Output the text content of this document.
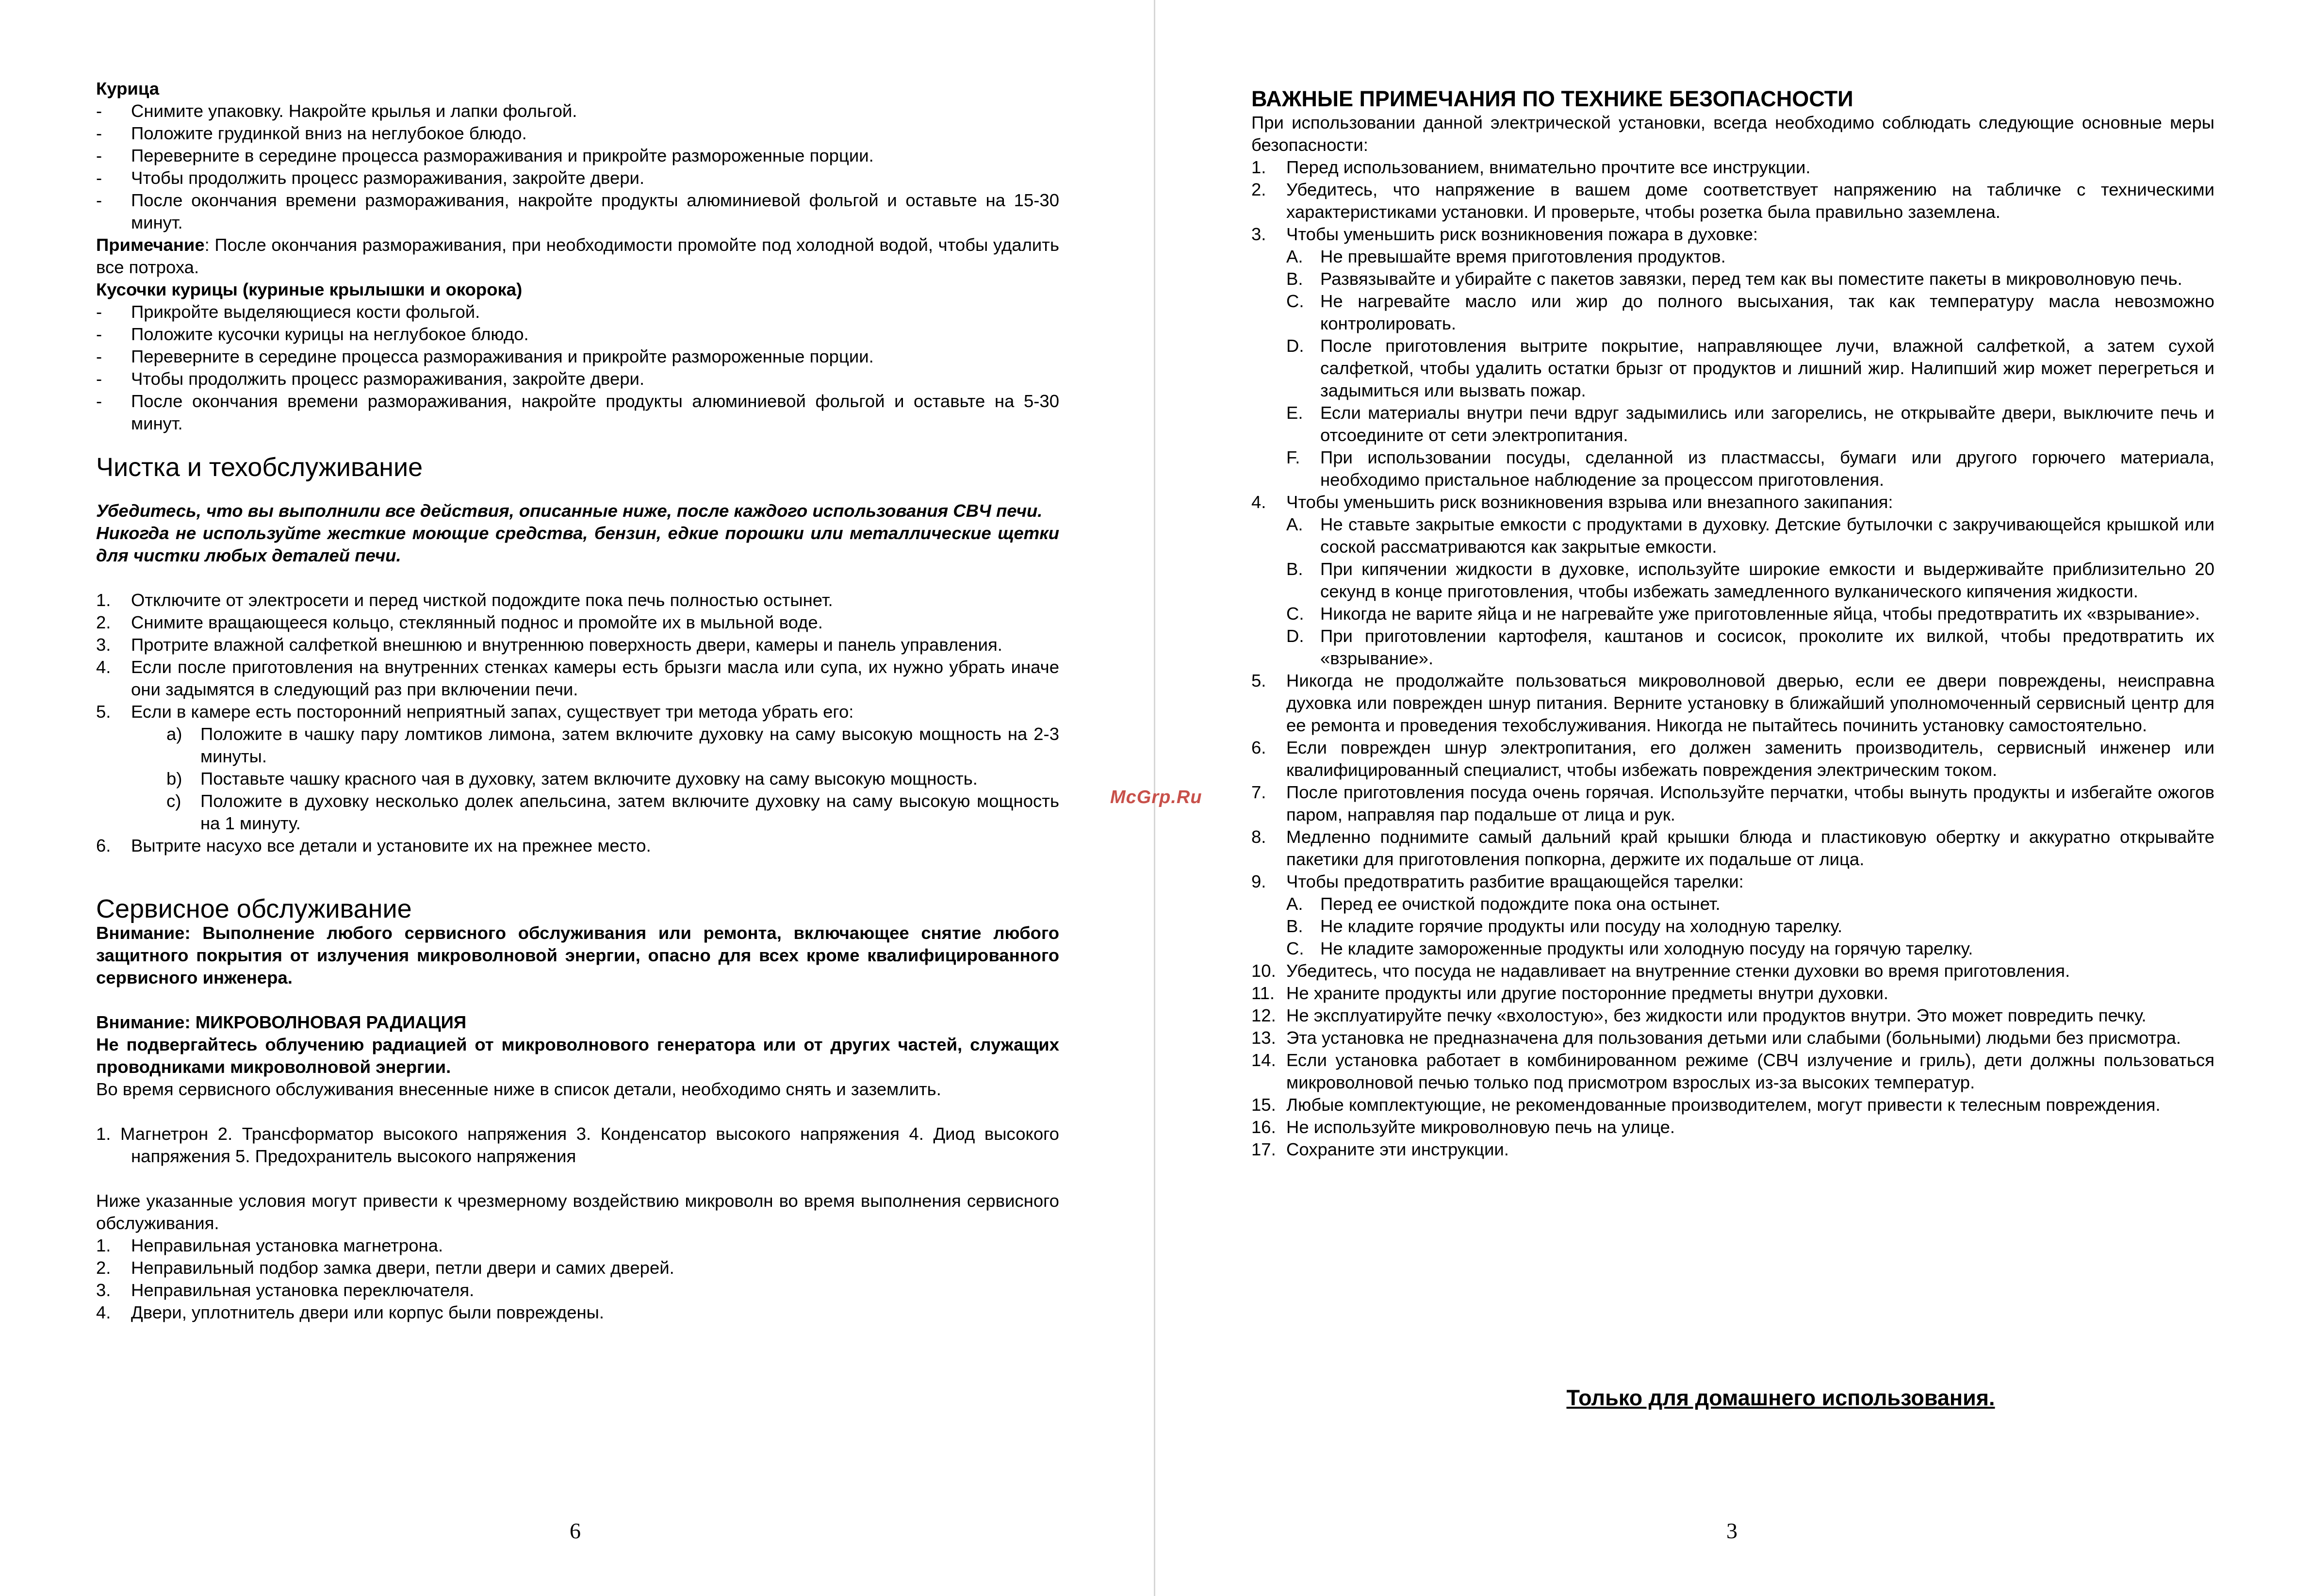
Курица
- Снимите упаковку. Накройте крылья и лапки фольгой.
- Положите грудинкой вниз на неглубокое блюдо.
- Переверните в середине процесса размораживания и прикройте размороженные порции.
- Чтобы продолжить процесс размораживания, закройте двери.
- После окончания времени размораживания, накройте продукты алюминиевой фольгой и оставьте на 15-30 минут.
Примечание: После окончания размораживания, при необходимости промойте под холодной водой, чтобы удалить все потроха.
Кусочки курицы (куриные крылышки и окорока)
- Прикройте выделяющиеся кости фольгой.
- Положите кусочки курицы на неглубокое блюдо.
- Переверните в середине процесса размораживания и прикройте размороженные порции.
- Чтобы продолжить процесс размораживания, закройте двери.
- После окончания времени размораживания, накройте продукты алюминиевой фольгой и оставьте на 5-30 минут.
Чистка и техобслуживание
Убедитесь, что вы выполнили все действия, описанные ниже, после каждого использования СВЧ печи.
Никогда не используйте жесткие моющие средства, бензин, едкие порошки или металлические щетки для чистки любых деталей печи.
1. Отключите от электросети и перед чисткой подождите пока печь полностью остынет.
2. Снимите вращающееся кольцо, стеклянный поднос и промойте их в мыльной воде.
3. Протрите влажной салфеткой внешнюю и внутреннюю поверхность двери, камеры и панель управления.
4. Если после приготовления на внутренних стенках камеры есть брызги масла или супа, их нужно убрать иначе они задымятся в следующий раз при включении печи.
5. Если в камере есть посторонний неприятный запах, существует три метода убрать его:
a) Положите в чашку пару ломтиков лимона, затем включите духовку на саму высокую мощность на 2-3 минуты.
b) Поставьте чашку красного чая в духовку, затем включите духовку на саму высокую мощность.
c) Положите в духовку несколько долек апельсина, затем включите духовку на саму высокую мощность на 1 минуту.
6. Вытрите насухо все детали и установите их на прежнее место.
Сервисное обслуживание
Внимание: Выполнение любого сервисного обслуживания или ремонта, включающее снятие любого защитного покрытия от излучения микроволновой энергии, опасно для всех кроме квалифицированного сервисного инженера.
Внимание: МИКРОВОЛНОВАЯ РАДИАЦИЯ
Не подвергайтесь облучению радиацией от микроволнового генератора или от других частей, служащих проводниками микроволновой энергии.
Во время сервисного обслуживания внесенные ниже в список детали, необходимо снять и заземлить.
1. Магнетрон 2. Трансформатор высокого напряжения 3. Конденсатор высокого напряжения 4. Диод высокого напряжения 5. Предохранитель высокого напряжения
Ниже указанные условия могут привести к чрезмерному воздействию микроволн во время выполнения сервисного обслуживания.
1. Неправильная установка магнетрона.
2. Неправильный подбор замка двери, петли двери и самих дверей.
3. Неправильная установка переключателя.
4. Двери, уплотнитель двери или корпус были повреждены.
6
McGrp.Ru
ВАЖНЫЕ ПРИМЕЧАНИЯ ПО ТЕХНИКЕ БЕЗОПАСНОСТИ
При использовании данной электрической установки, всегда необходимо соблюдать следующие основные меры безопасности:
1. Перед использованием, внимательно прочтите все инструкции.
2. Убедитесь, что напряжение в вашем доме соответствует напряжению на табличке с техническими характеристиками установки. И проверьте, чтобы розетка была правильно заземлена.
3. Чтобы уменьшить риск возникновения пожара в духовке:
A. Не превышайте время приготовления продуктов.
B. Развязывайте и убирайте с пакетов завязки, перед тем как вы поместите пакеты в микроволновую печь.
C. Не нагревайте масло или жир до полного высыхания, так как температуру масла невозможно контролировать.
D. После приготовления вытрите покрытие, направляющее лучи, влажной салфеткой, а затем сухой салфеткой, чтобы удалить остатки брызг от продуктов и лишний жир. Налипший жир может перегреться и задымиться или вызвать пожар.
E. Если материалы внутри печи вдруг задымились или загорелись, не открывайте двери, выключите печь и отсоедините от сети электропитания.
F. При использовании посуды, сделанной из пластмассы, бумаги или другого горючего материала, необходимо пристальное наблюдение за процессом приготовления.
4. Чтобы уменьшить риск возникновения взрыва или внезапного закипания:
A. Не ставьте закрытые емкости с продуктами в духовку. Детские бутылочки с закручивающейся крышкой или соской рассматриваются как закрытые емкости.
B. При кипячении жидкости в духовке, используйте широкие емкости и выдерживайте приблизительно 20 секунд в конце приготовления, чтобы избежать замедленного вулканического кипячения жидкости.
C. Никогда не варите яйца и не нагревайте уже приготовленные яйца, чтобы предотвратить их «взрывание».
D. При приготовлении картофеля, каштанов и сосисок, проколите их вилкой, чтобы предотвратить их «взрывание».
5. Никогда не продолжайте пользоваться микроволновой дверью, если ее двери повреждены, неисправна духовка или поврежден шнур питания. Верните установку в ближайший уполномоченный сервисный центр для ее ремонта и проведения техобслуживания. Никогда не пытайтесь починить установку самостоятельно.
6. Если поврежден шнур электропитания, его должен заменить производитель, сервисный инженер или квалифицированный специалист, чтобы избежать повреждения электрическим током.
7. После приготовления посуда очень горячая. Используйте перчатки, чтобы вынуть продукты и избегайте ожогов паром, направляя пар подальше от лица и рук.
8. Медленно поднимите самый дальний край крышки блюда и пластиковую обертку и аккуратно открывайте пакетики для приготовления попкорна, держите их подальше от лица.
9. Чтобы предотвратить разбитие вращающейся тарелки:
A. Перед ее очисткой подождите пока она остынет.
B. Не кладите горячие продукты или посуду на холодную тарелку.
C. Не кладите замороженные продукты или холодную посуду на горячую тарелку.
10. Убедитесь, что посуда не надавливает на внутренние стенки духовки во время приготовления.
11. Не храните продукты или другие посторонние предметы внутри духовки.
12. Не эксплуатируйте печку «вхолостую», без жидкости или продуктов внутри. Это может повредить печку.
13. Эта установка не предназначена для пользования детьми или слабыми (больными) людьми без присмотра.
14. Если установка работает в комбинированном режиме (СВЧ излучение и гриль), дети должны пользоваться микроволновой печью только под присмотром взрослых из-за высоких температур.
15. Любые комплектующие, не рекомендованные производителем, могут привести к телесным повреждения.
16. Не используйте микроволновую печь на улице.
17. Сохраните эти инструкции.
Только для домашнего использования.
3
